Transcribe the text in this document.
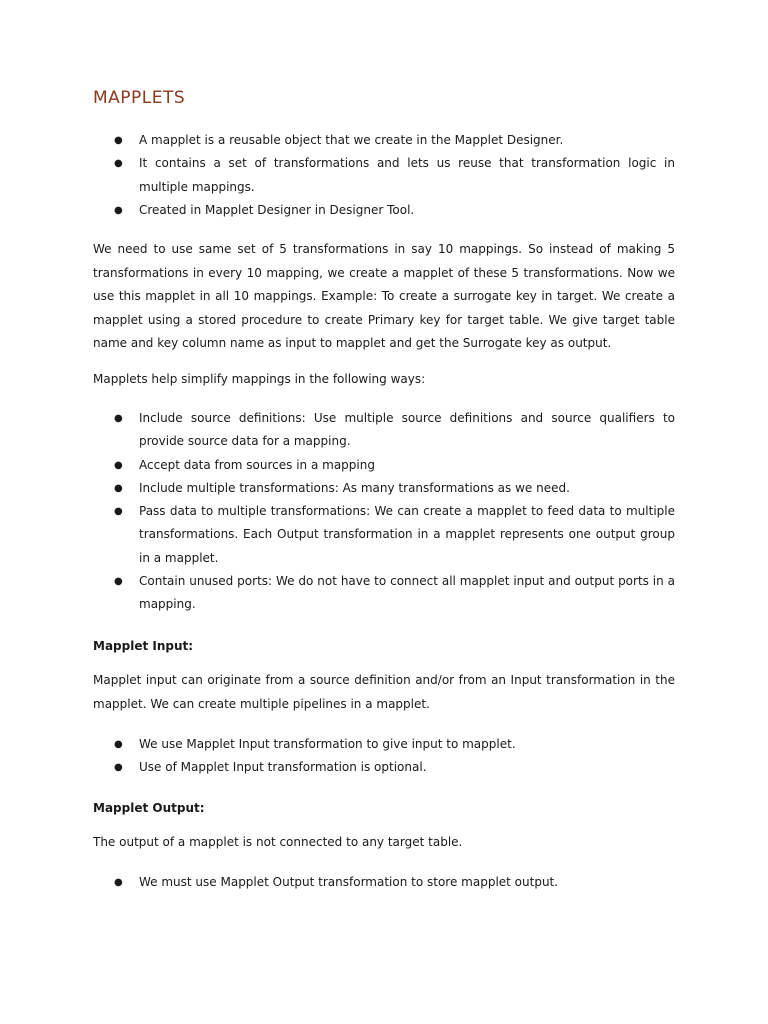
MAPPLETS
● A mapplet is a reusable object that we create in the Mapplet Designer.
● It contains a set of transformations and lets us reuse that transformation logic in multiple mappings.
● Created in Mapplet Designer in Designer Tool.

We need to use same set of 5 transformations in say 10 mappings. So instead of making 5 transformations in every 10 mapping, we create a mapplet of these 5 transformations. Now we use this mapplet in all 10 mappings. Example: To create a surrogate key in target. We create a mapplet using a stored procedure to create Primary key for target table. We give target table name and key column name as input to mapplet and get the Surrogate key as output.

Mapplets help simplify mappings in the following ways:

● Include source definitions: Use multiple source definitions and source qualifiers to provide source data for a mapping.
● Accept data from sources in a mapping
● Include multiple transformations: As many transformations as we need.
● Pass data to multiple transformations: We can create a mapplet to feed data to multiple transformations. Each Output transformation in a mapplet represents one output group in a mapplet.
● Contain unused ports: We do not have to connect all mapplet input and output ports in a mapping.
Mapplet Input:

Mapplet input can originate from a source definition and/or from an Input transformation in the mapplet. We can create multiple pipelines in a mapplet.

● We use Mapplet Input transformation to give input to mapplet.
● Use of Mapplet Input transformation is optional.
Mapplet Output:

The output of a mapplet is not connected to any target table.

● We must use Mapplet Output transformation to store mapplet output.
